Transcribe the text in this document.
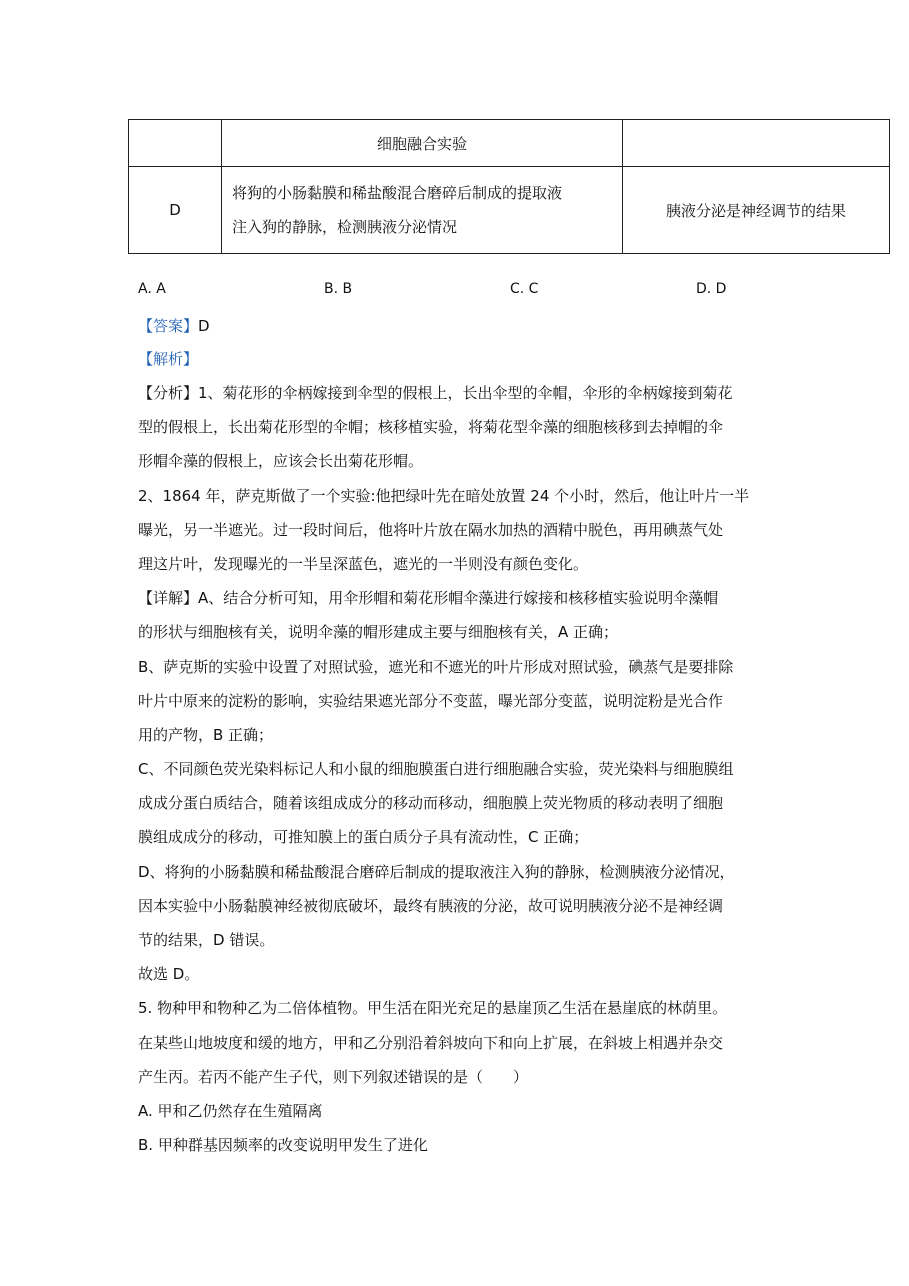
	细胞融合实验	
D	将狗的小肠黏膜和稀盐酸混合磨碎后制成的提取液
注入狗的静脉，检测胰液分泌情况	胰液分泌是神经调节的结果
A. A	B. B	C. C	D. D
【答案】D
【解析】
【分析】1、菊花形的伞柄嫁接到伞型的假根上，长出伞型的伞帽，伞形的伞柄嫁接到菊花
型的假根上，长出菊花形型的伞帽；核移植实验，将菊花型伞藻的细胞核移到去掉帽的伞
形帽伞藻的假根上，应该会长出菊花形帽。
2、1864 年，萨克斯做了一个实验:他把绿叶先在暗处放置 24 个小时，然后，他让叶片一半
曝光，另一半遮光。过一段时间后，他将叶片放在隔水加热的酒精中脱色，再用碘蒸气处
理这片叶，发现曝光的一半呈深蓝色，遮光的一半则没有颜色变化。
【详解】A、结合分析可知，用伞形帽和菊花形帽伞藻进行嫁接和核移植实验说明伞藻帽
的形状与细胞核有关，说明伞藻的帽形建成主要与细胞核有关，A 正确；
B、萨克斯的实验中设置了对照试验，遮光和不遮光的叶片形成对照试验，碘蒸气是要排除
叶片中原来的淀粉的影响，实验结果遮光部分不变蓝，曝光部分变蓝，说明淀粉是光合作
用的产物，B 正确；
C、不同颜色荧光染料标记人和小鼠的细胞膜蛋白进行细胞融合实验，荧光染料与细胞膜组
成成分蛋白质结合，随着该组成成分的移动而移动，细胞膜上荧光物质的移动表明了细胞
膜组成成分的移动，可推知膜上的蛋白质分子具有流动性，C 正确；
D、将狗的小肠黏膜和稀盐酸混合磨碎后制成的提取液注入狗的静脉，检测胰液分泌情况，
因本实验中小肠黏膜神经被彻底破坏，最终有胰液的分泌，故可说明胰液分泌不是神经调
节的结果，D 错误。
故选 D。
5. 物种甲和物种乙为二倍体植物。甲生活在阳光充足的悬崖顶乙生活在悬崖底的林荫里。
在某些山地坡度和缓的地方，甲和乙分别沿着斜坡向下和向上扩展，在斜坡上相遇并杂交
产生丙。若丙不能产生子代，则下列叙述错误的是（　　）
A. 甲和乙仍然存在生殖隔离
B. 甲种群基因频率的改变说明甲发生了进化
